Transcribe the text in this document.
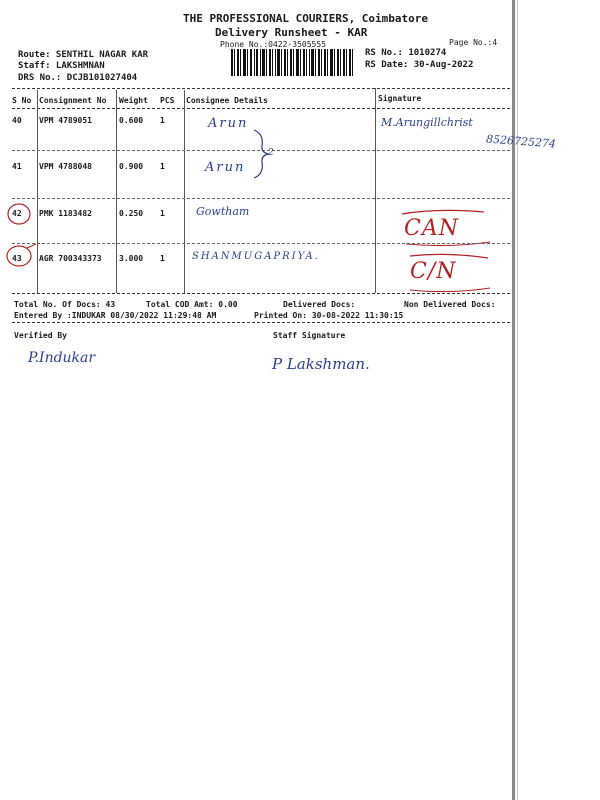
THE PROFESSIONAL COURIERS, Coimbatore
Delivery Runsheet - KAR
Phone No.:0422-3505555	Page No.:4
Route: SENTHIL NAGAR KAR
Staff: LAKSHMNAN
DRS No.: DCJB101027404
RS No.: 1010274
RS Date: 30-Aug-2022
S No Consignment No Weight PCS Consignee Details	Signature
40 VPM 4789051	0.600 1	Arun	M.Arungillchrist
8526725274
41 VPM 4788048	0.900 1	Arun
2
42 PMK 1183482	0.250 1	Gowtham
CAN
43 AGR 700343373 3.000 1	SHANMUGAPRIYA.
C/N
Total No. Of Docs: 43	Total COD Amt: 0.00	Delivered Docs:	Non Delivered Docs:
Entered By :INDUKAR 08/30/2022 11:29:48 AM	Printed On: 30-08-2022 11:30:15
Verified By	Staff Signature
P.Indukar	P Lakshman.
